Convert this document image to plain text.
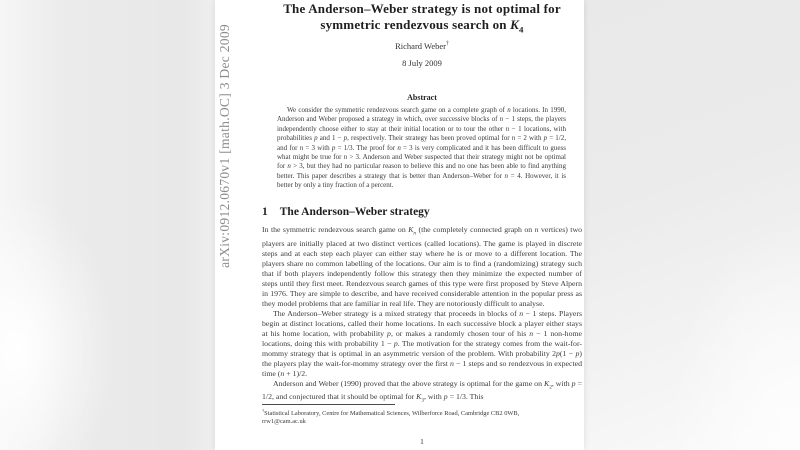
The Anderson–Weber strategy is not optimal for
symmetric rendezvous search on $K_4$
Richard Weber†
8 July 2009
Abstract
We consider the symmetric rendezvous search game on a complete graph of n locations. In 1990, Anderson and Weber proposed a strategy in which, over successive blocks of n − 1 steps, the players independently choose either to stay at their initial location or to tour the other n − 1 locations, with probabilities p and 1 − p, respectively. Their strategy has been proved optimal for n = 2 with p = 1/2, and for n = 3 with p = 1/3. The proof for n = 3 is very complicated and it has been difficult to guess what might be true for n > 3. Anderson and Weber suspected that their strategy might not be optimal for n > 3, but they had no particular reason to believe this and no one has been able to find anything better. This paper describes a strategy that is better than Anderson–Weber for n = 4. However, it is better by only a tiny fraction of a percent.
1 The Anderson–Weber strategy

In the symmetric rendezvous search game on $K_n$ (the completely connected graph on n vertices) two players are initially placed at two distinct vertices (called locations). The game is played in discrete steps and at each step each player can either stay where he is or move to a different location. The players share no common labelling of the locations. Our aim is to find a (randomizing) strategy such that if both players independently follow this strategy then they minimize the expected number of steps until they first meet. Rendezvous search games of this type were first proposed by Steve Alpern in 1976. They are simple to describe, and have received considerable attention in the popular press as they model problems that are familiar in real life. They are notoriously difficult to analyse.

The Anderson–Weber strategy is a mixed strategy that proceeds in blocks of n − 1 steps. Players begin at distinct locations, called their home locations. In each successive block a player either stays at his home location, with probability p, or makes a randomly chosen tour of his n − 1 non-home locations, doing this with probability 1 − p. The motivation for the strategy comes from the wait-for-mommy strategy that is optimal in an asymmetric version of the problem. With probability 2p(1 − p) the players play the wait-for-mommy strategy over the first n − 1 steps and so rendezvous in expected time (n + 1)/2.

Anderson and Weber (1990) proved that the above strategy is optimal for the game on $K_2$, with p = 1/2, and conjectured that it should be optimal for $K_3$, with p = 1/3. This

†Statistical Laboratory, Centre for Mathematical Sciences, Wilberforce Road, Cambridge CB2 0WB,
rrw1@cam.ac.uk
1
arXiv:0912.0670v1 [math.OC] 3 Dec 2009
